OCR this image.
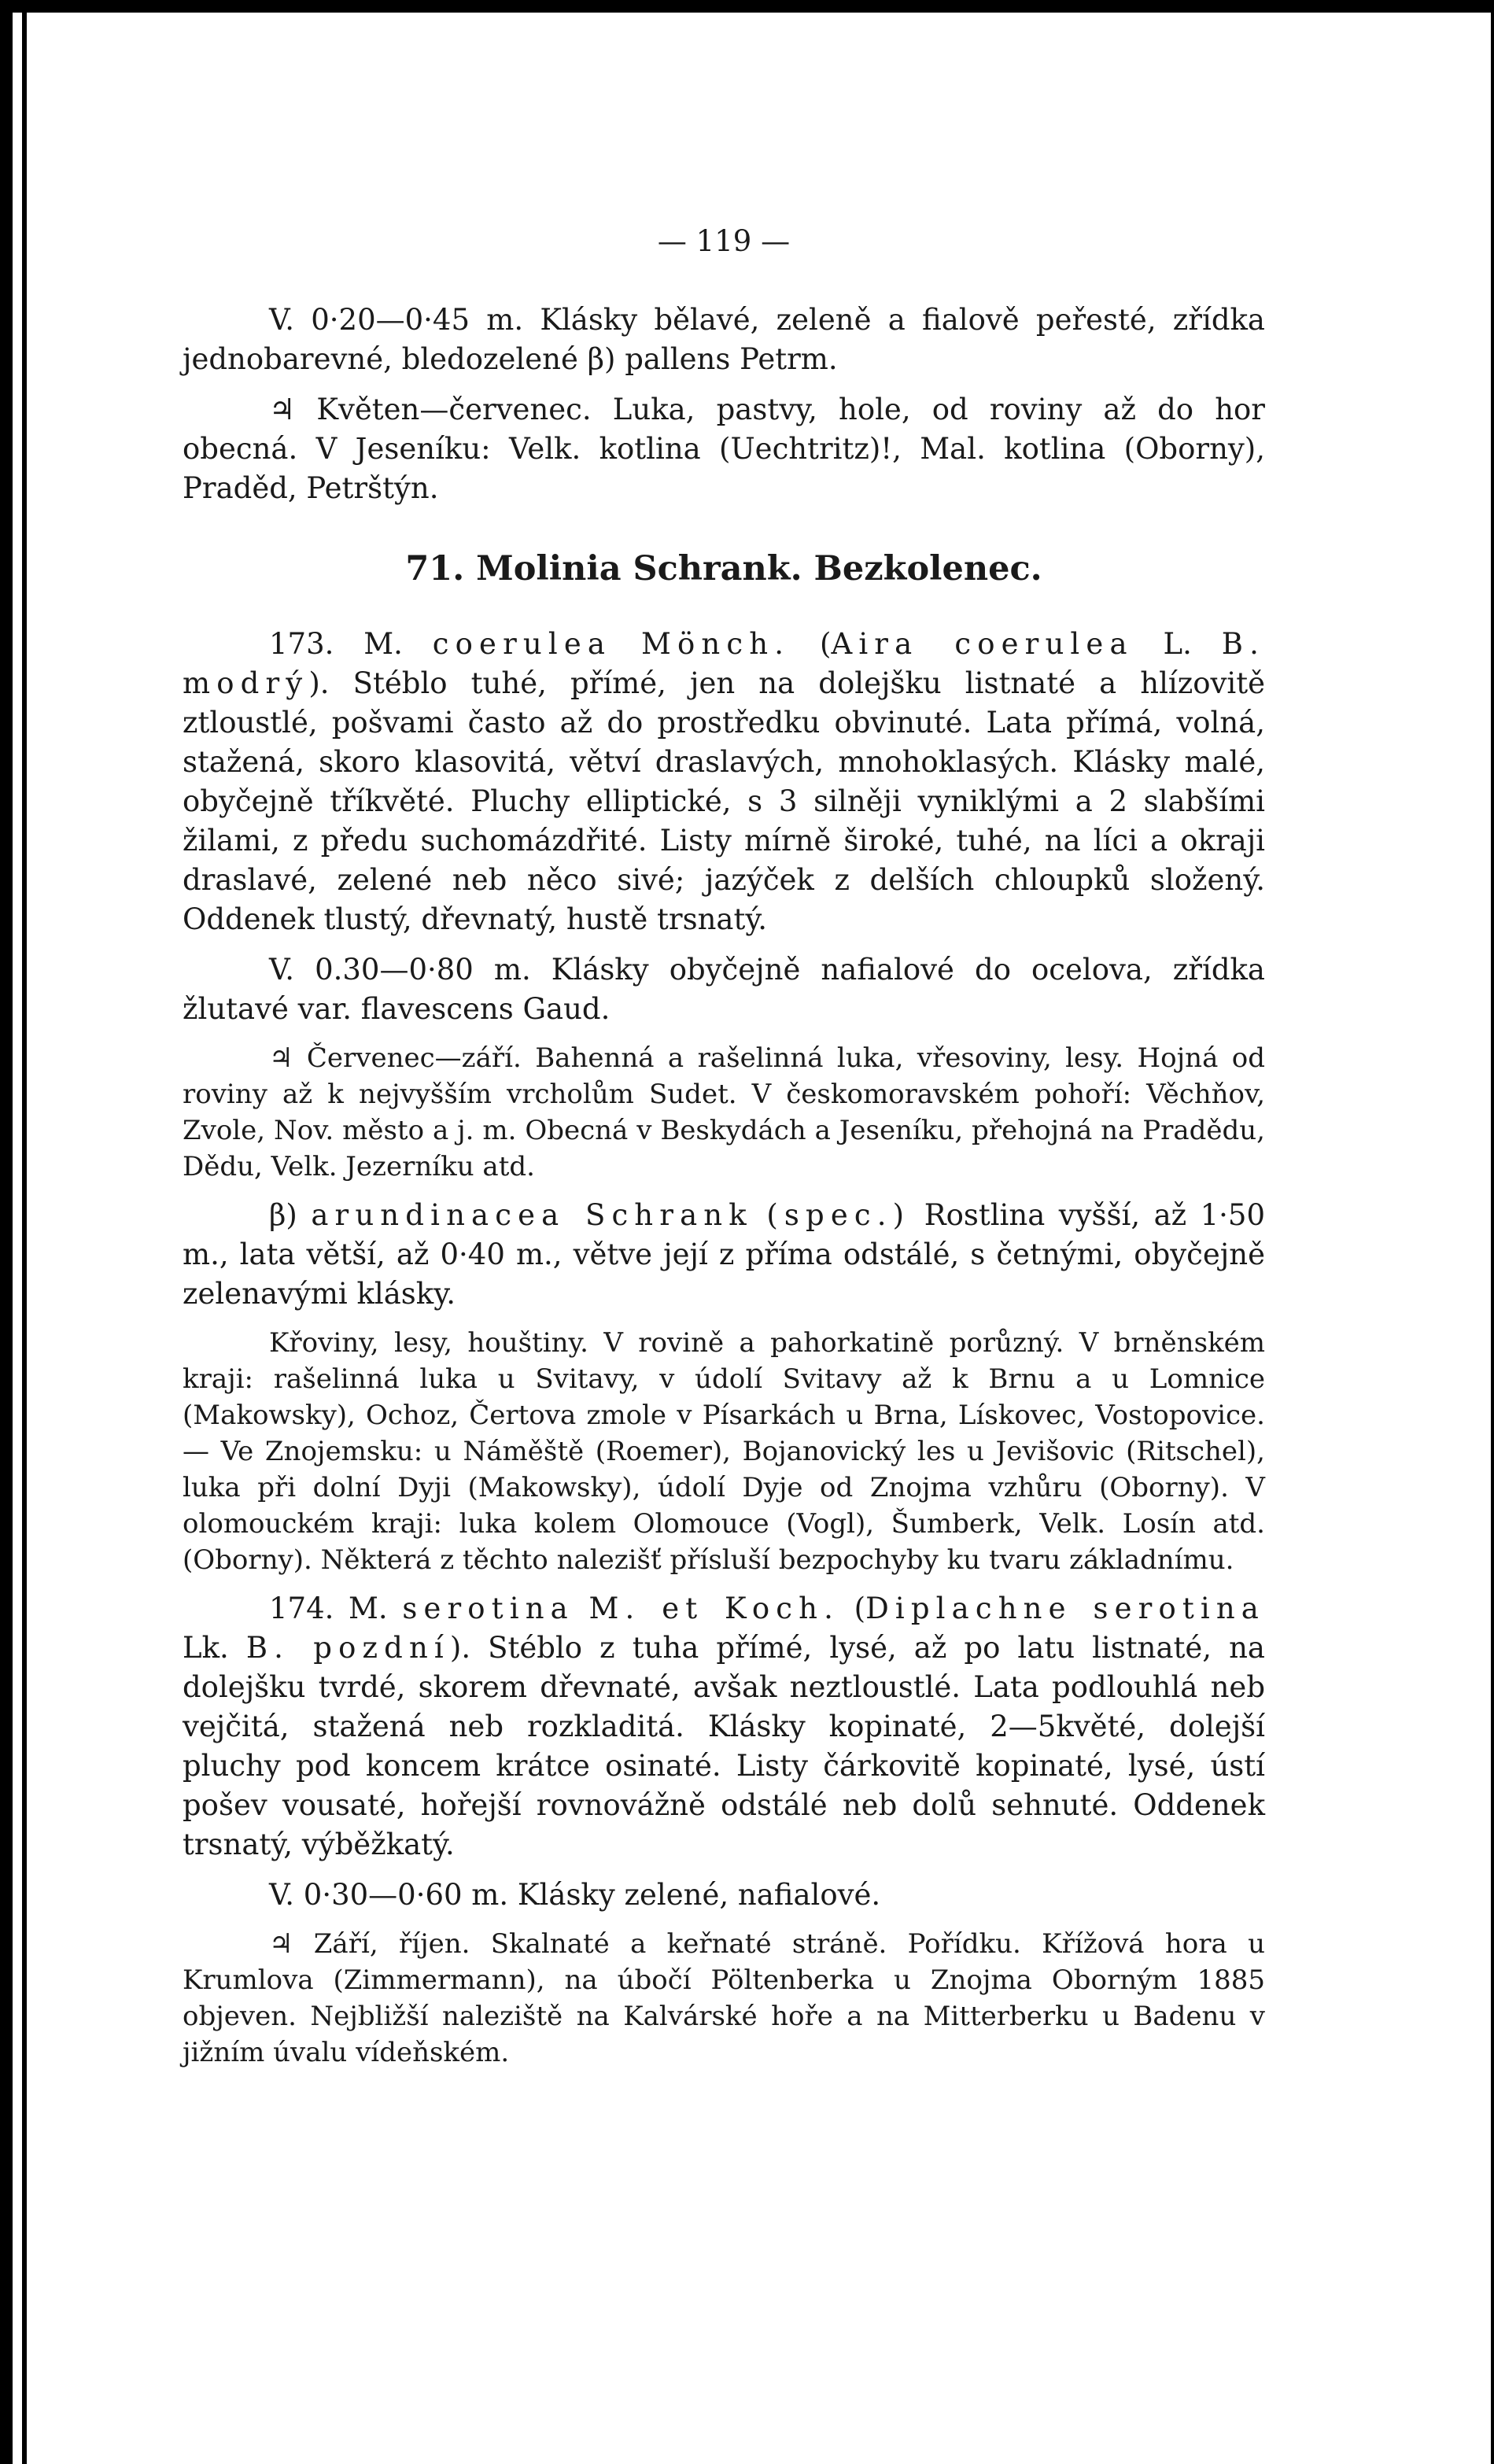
— 119 —

V. 0·20—0·45 m. Klásky bělavé, zeleně a fialově peřesté, zřídka jednobarevné, bledozelené β) pallens Petrm.

♃ Květen—červenec. Luka, pastvy, hole, od roviny až do hor obecná. V Jeseníku: Velk. kotlina (Uechtritz)!, Mal. kotlina (Oborny), Praděd, Petrštýn.

71. Molinia Schrank. Bezkolenec.

173. M. coerulea Mönch. (Aira coerulea L. B. modrý). Stéblo tuhé, přímé, jen na dolejšku listnaté a hlízovitě ztloustlé, pošvami často až do prostředku obvinuté. Lata přímá, volná, stažená, skoro klasovitá, větví draslavých, mnohoklasých. Klásky malé, obyčejně tříkvěté. Pluchy elliptické, s 3 silněji vyniklými a 2 slabšími žilami, z předu suchomázdřité. Listy mírně široké, tuhé, na líci a okraji draslavé, zelené neb něco sivé; jazýček z delších chloupků složený. Oddenek tlustý, dřevnatý, hustě trsnatý.

V. 0.30—0·80 m. Klásky obyčejně nafialové do ocelova, zřídka žlutavé var. flavescens Gaud.

♃ Červenec—září. Bahenná a rašelinná luka, vřesoviny, lesy. Hojná od roviny až k nejvyšším vrcholům Sudet. V českomoravském pohoří: Věchňov, Zvole, Nov. město a j. m. Obecná v Beskydách a Jeseníku, přehojná na Pradědu, Dědu, Velk. Jezerníku atd.

β) arundinacea Schrank (spec.) Rostlina vyšší, až 1·50 m., lata větší, až 0·40 m., větve její z přímа odstálé, s četnými, obyčejně zelenavými klásky.

Křoviny, lesy, houštiny. V rovině a pahorkatině porůzný. V brněnském kraji: rašelinná luka u Svitavy, v údolí Svitavy až k Brnu a u Lomnice (Makowsky), Ochoz, Čertova zmole v Písarkách u Brna, Lískovec, Vostopovice. — Ve Znojemsku: u Náměště (Roemer), Bojanovický les u Jevišovic (Ritschel), luka při dolní Dyji (Makowsky), údolí Dyje od Znojma vzhůru (Oborny). V olomouckém kraji: luka kolem Olomouce (Vogl), Šumberk, Velk. Losín atd. (Oborny). Některá z těchto nalezišť přísluší bezpochyby ku tvaru základnímu.

174. M. serotina M. et Koch. (Diplachne serotina Lk. B. pozdní). Stéblo z tuha přímé, lysé, až po latu listnaté, na dolejšku tvrdé, skorem dřevnaté, avšak neztloustlé. Lata podlouhlá neb vejčitá, stažená neb rozkladitá. Klásky kopinaté, 2—5květé, dolejší pluchy pod koncem krátce osinaté. Listy čárkovitě kopinaté, lysé, ústí pošev vousaté, hořejší rovnovážně odstálé neb dolů sehnuté. Oddenek trsnatý, výběžkatý.

V. 0·30—0·60 m. Klásky zelené, nafialové.

♃ Září, říjen. Skalnaté a keřnaté stráně. Pořídku. Křížová hora u Krumlova (Zimmermann), na úbočí Pöltenberka u Znojma Oborným 1885 objeven. Nejbližší naleziště na Kalvárské hoře a na Mitterberku u Badenu v jižním úvalu vídeňském.
